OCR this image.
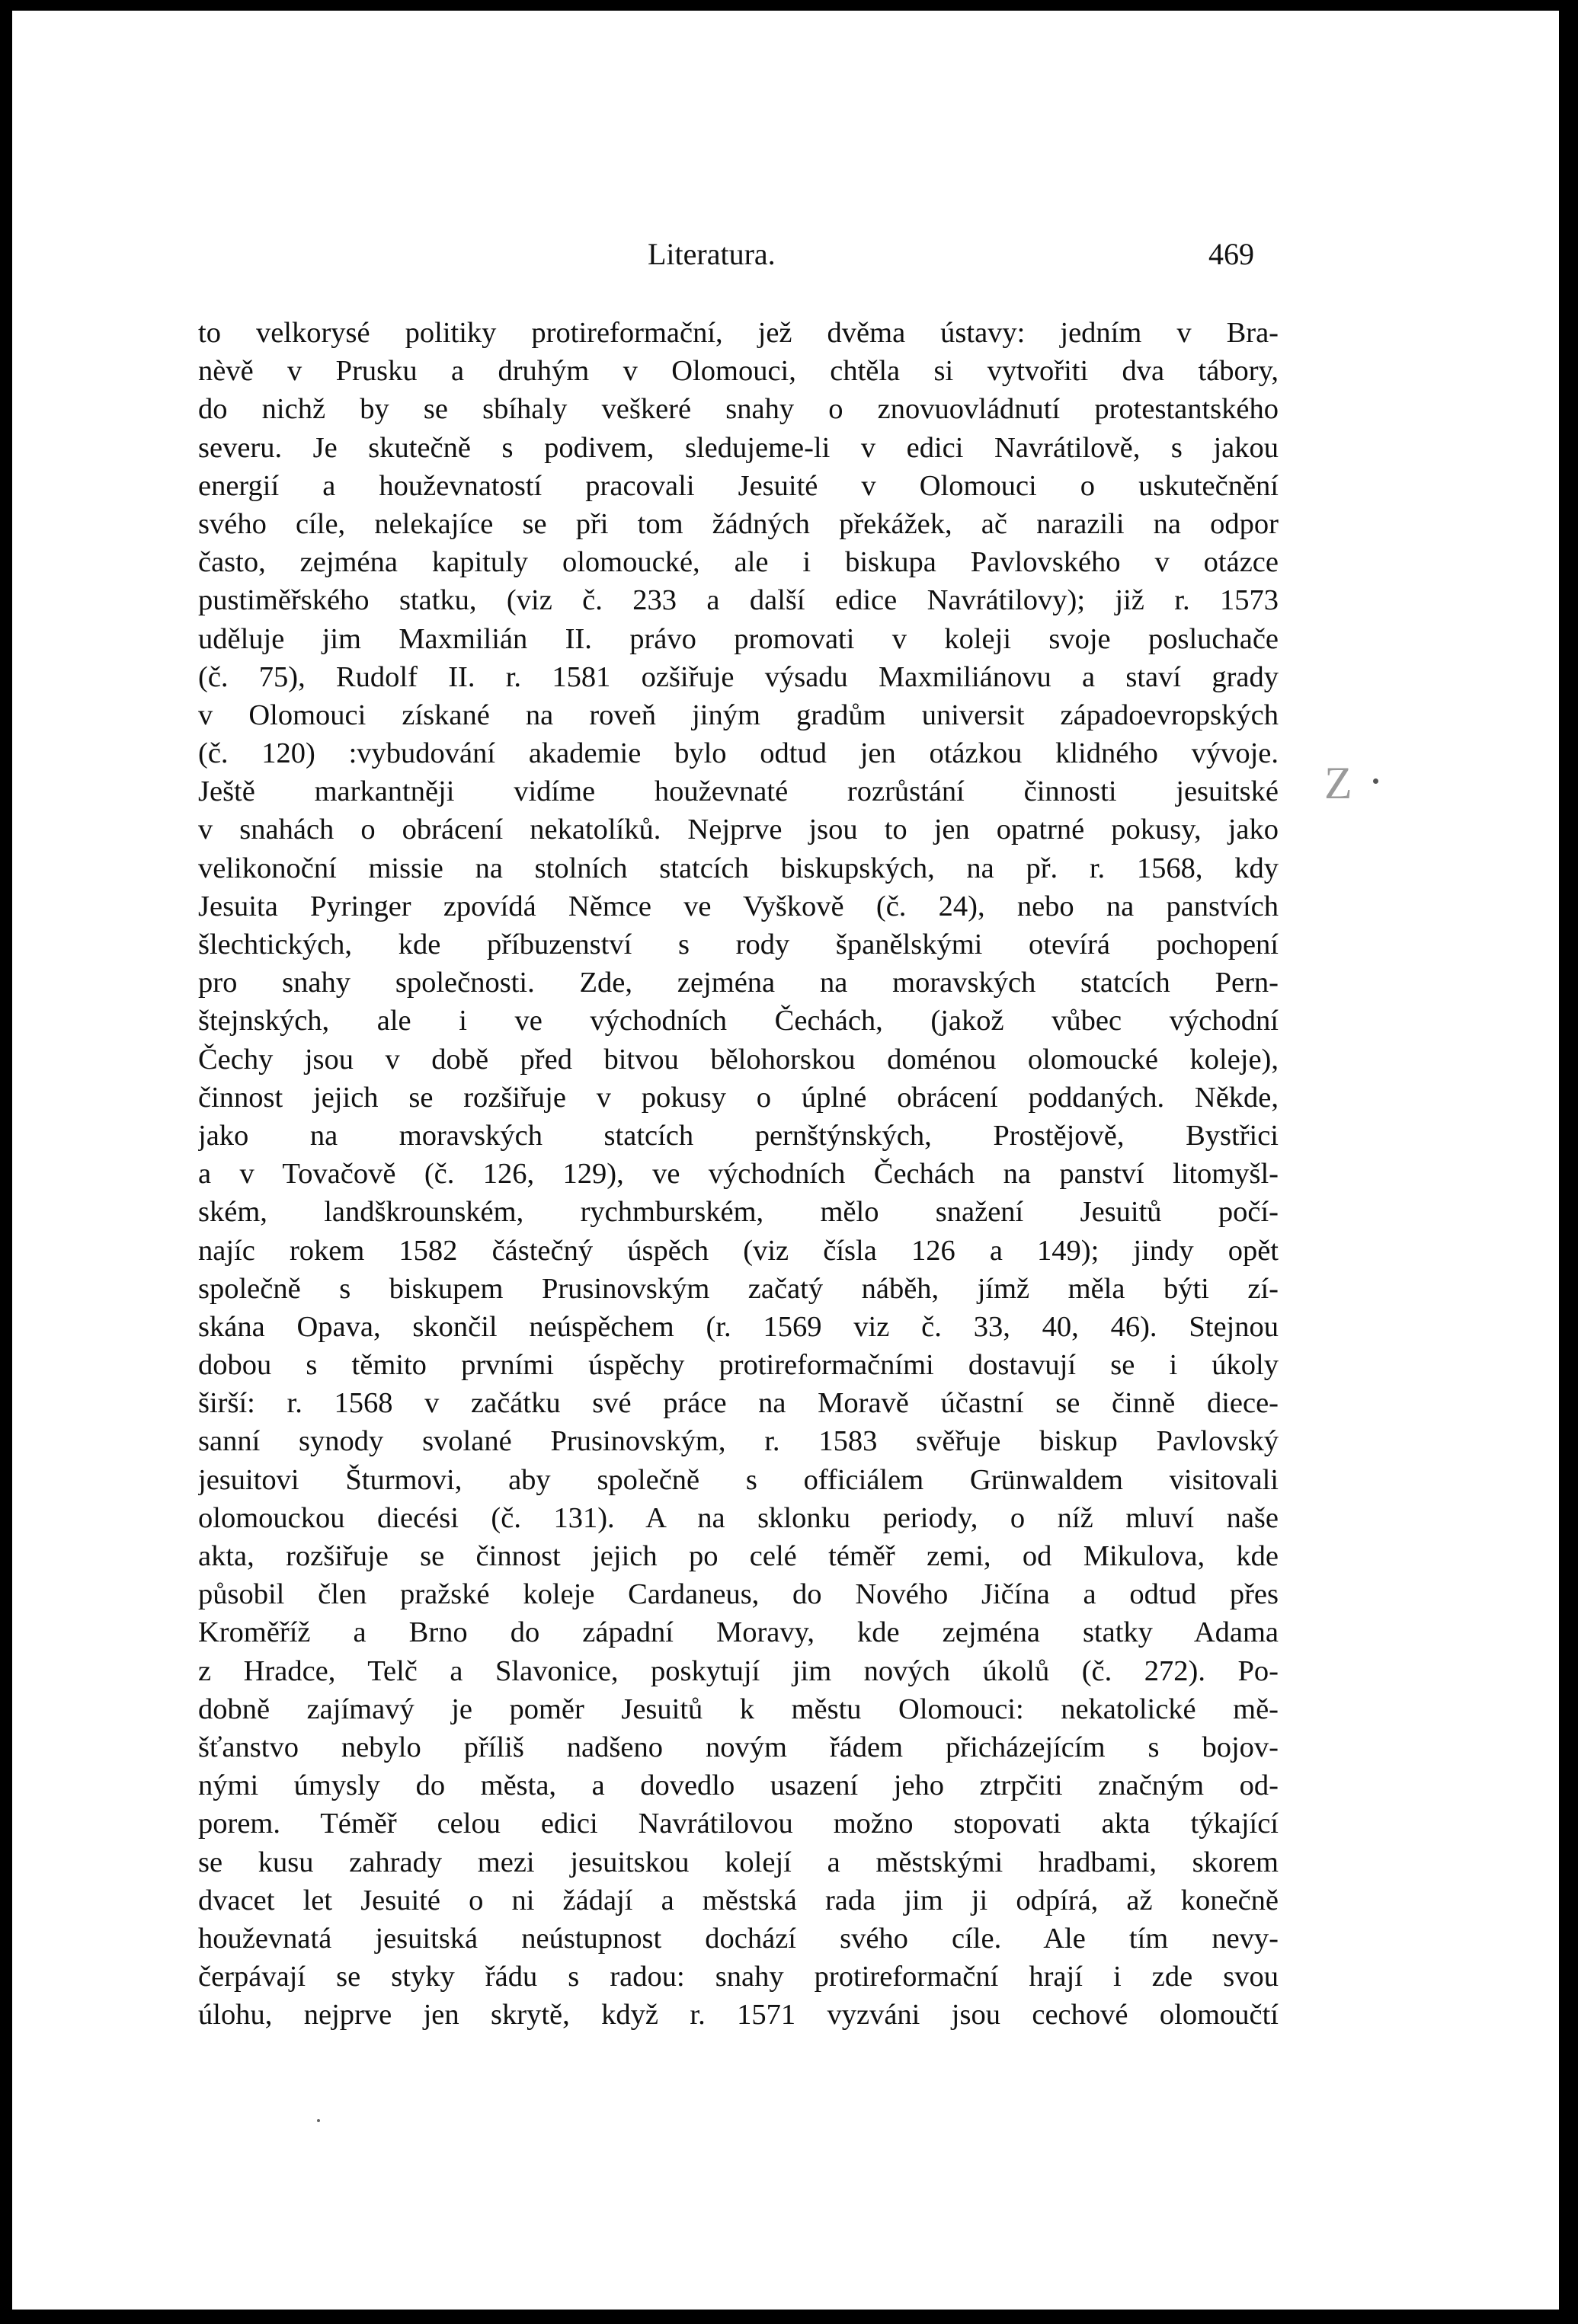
Literatura.	469
to velkorysé politiky protireformační, jež dvěma ústavy: jedním v Bra-
nèvě v Prusku a druhým v Olomouci, chtěla si vytvořiti dva tábory,
do nichž by se sbíhaly veškeré snahy o znovuovládnutí protestantského
severu. Je skutečně s podivem, sledujeme-li v edici Navrátilově, s jakou
energií a houževnatostí pracovali Jesuité v Olomouci o uskutečnění
svého cíle, nelekajíce se při tom žádných překážek, ač narazili na odpor
často, zejména kapituly olomoucké, ale i biskupa Pavlovského v otázce
pustiměřského statku, (viz č. 233 a další edice Navrátilovy); již r. 1573
uděluje jim Maxmilián II. právo promovati v koleji svoje posluchače
(č. 75), Rudolf II. r. 1581 ozšiřuje výsadu Maxmiliánovu a staví grady
v Olomouci získané na roveň jiným gradům universit západoevropských
(č. 120) :vybudování akademie bylo odtud jen otázkou klidného vývoje.
Ještě markantněji vidíme houževnaté rozrůstání činnosti jesuitské
v snahách o obrácení nekatolíků. Nejprve jsou to jen opatrné pokusy, jako
velikonoční missie na stolních statcích biskupských, na př. r. 1568, kdy
Jesuita Pyringer zpovídá Němce ve Vyškově (č. 24), nebo na panstvích
šlechtických, kde příbuzenství s rody španělskými otevírá pochopení
pro snahy společnosti. Zde, zejména na moravských statcích Pern-
štejnských, ale i ve východních Čechách, (jakož vůbec východní
Čechy jsou v době před bitvou bělohorskou doménou olomoucké koleje),
činnost jejich se rozšiřuje v pokusy o úplné obrácení poddaných. Někde,
jako na moravských statcích pernštýnských, Prostějově, Bystřici
a v Tovačově (č. 126, 129), ve východních Čechách na panství litomyšl-
ském, landškrounském, rychmburském, mělo snažení Jesuitů počí-
najíc rokem 1582 částečný úspěch (viz čísla 126 a 149); jindy opět
společně s biskupem Prusinovským začatý náběh, jímž měla býti zí-
skána Opava, skončil neúspěchem (r. 1569 viz č. 33, 40, 46). Stejnou
dobou s těmito prvními úspěchy protireformačními dostavují se i úkoly
širší: r. 1568 v začátku své práce na Moravě účastní se činně diece-
sanní synody svolané Prusinovským, r. 1583 svěřuje biskup Pavlovský
jesuitovi Šturmovi, aby společně s officiálem Grünwaldem visitovali
olomouckou diecési (č. 131). A na sklonku periody, o níž mluví naše
akta, rozšiřuje se činnost jejich po celé téměř zemi, od Mikulova, kde
působil člen pražské koleje Cardaneus, do Nového Jičína a odtud přes
Kroměříž a Brno do západní Moravy, kde zejména statky Adama
z Hradce, Telč a Slavonice, poskytují jim nových úkolů (č. 272). Po-
dobně zajímavý je poměr Jesuitů k městu Olomouci: nekatolické mě-
šťanstvo nebylo příliš nadšeno novým řádem přicházejícím s bojov-
nými úmysly do města, a dovedlo usazení jeho ztrpčiti značným od-
porem. Téměř celou edici Navrátilovou možno stopovati akta týkající
se kusu zahrady mezi jesuitskou kolejí a městskými hradbami, skorem
dvacet let Jesuité o ni žádají a městská rada jim ji odpírá, až konečně
houževnatá jesuitská neústupnost dochází svého cíle. Ale tím nevy-
čerpávají se styky řádu s radou: snahy protireformační hrají i zde svou
úlohu, nejprve jen skrytě, když r. 1571 vyzváni jsou cechové olomoučtí
Z
